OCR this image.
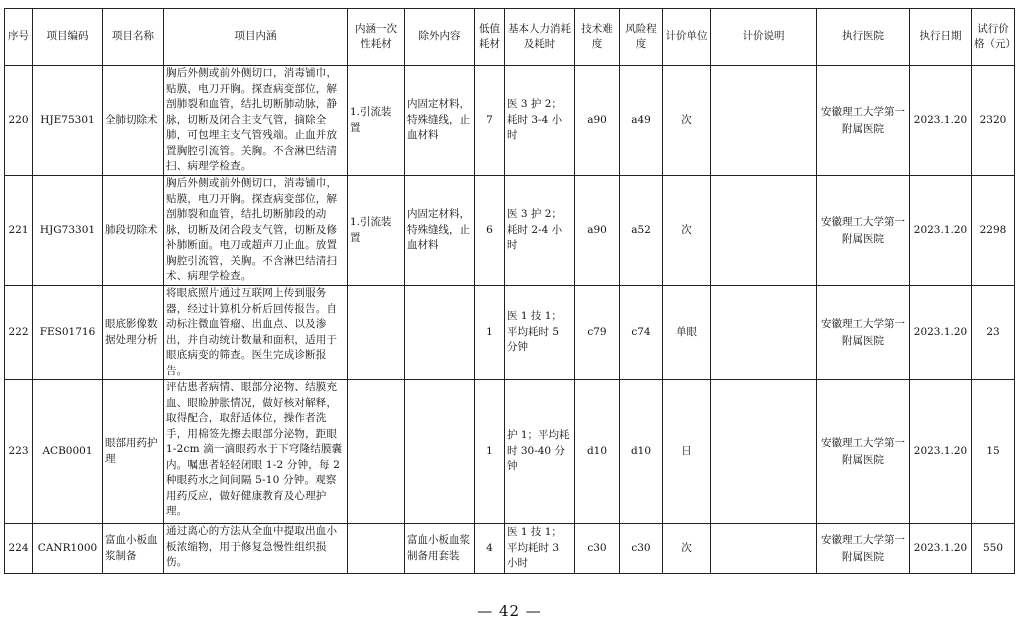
序号	项目编码	项目名称	项目内涵	内涵一次性耗材	除外内容	低值耗材	基本人力消耗及耗时	技术难度	风险程度	计价单位	计价说明	执行医院	执行日期	试行价格（元）
220	HJE75301	全肺切除术	胸后外侧或前外侧切口，消毒铺巾，贴膜，电刀开胸。探查病变部位，解剖肺裂和血管，结扎切断肺动脉，静脉，切断及闭合主支气管，摘除全肺，可包埋主支气管残端。止血并放置胸腔引流管。关胸。不含淋巴结清扫、病理学检查。	1.引流装置	内固定材料，特殊缝线，止血材料	7	医 3 护 2；耗时 3-4 小时	a90	a49	次		安徽理工大学第一附属医院	2023.1.20	2320
221	HJG73301	肺段切除术	胸后外侧或前外侧切口，消毒铺巾，贴膜，电刀开胸。探查病变部位，解剖肺裂和血管，结扎切断肺段的动脉，切断及闭合段支气管，切断及修补肺断面。电刀或超声刀止血。放置胸腔引流管，关胸。不含淋巴结清扫术、病理学检查。	1.引流装置	内固定材料，特殊缝线，止血材料	6	医 3 护 2；耗时 2-4 小时	a90	a52	次		安徽理工大学第一附属医院	2023.1.20	2298
222	FES01716	眼底影像数据处理分析	将眼底照片通过互联网上传到服务器，经过计算机分析后回传报告。自动标注微血管瘤、出血点、以及渗出，并自动统计数量和面积，适用于眼底病变的筛查。医生完成诊断报告。			1	医 1 技 1；平均耗时 5 分钟	c79	c74	单眼		安徽理工大学第一附属医院	2023.1.20	23
223	ACB0001	眼部用药护理	评估患者病情、眼部分泌物、结膜充血、眼睑肿胀情况，做好核对解释，取得配合，取舒适体位，操作者洗手，用棉签先擦去眼部分泌物，距眼 1-2cm 滴一滴眼药水于下穹隆结膜囊内。嘱患者轻轻闭眼 1-2 分钟，每 2 种眼药水之间间隔 5-10 分钟。观察用药反应，做好健康教育及心理护理。			1	护 1；平均耗时 30-40 分钟	d10	d10	日		安徽理工大学第一附属医院	2023.1.20	15
224	CANR1000	富血小板血浆制备	通过离心的方法从全血中提取出血小板浓缩物，用于修复急慢性组织损伤。		富血小板血浆制备用套装	4	医 1 技 1；平均耗时 3 小时	c30	c30	次		安徽理工大学第一附属医院	2023.1.20	550
— 42 —
